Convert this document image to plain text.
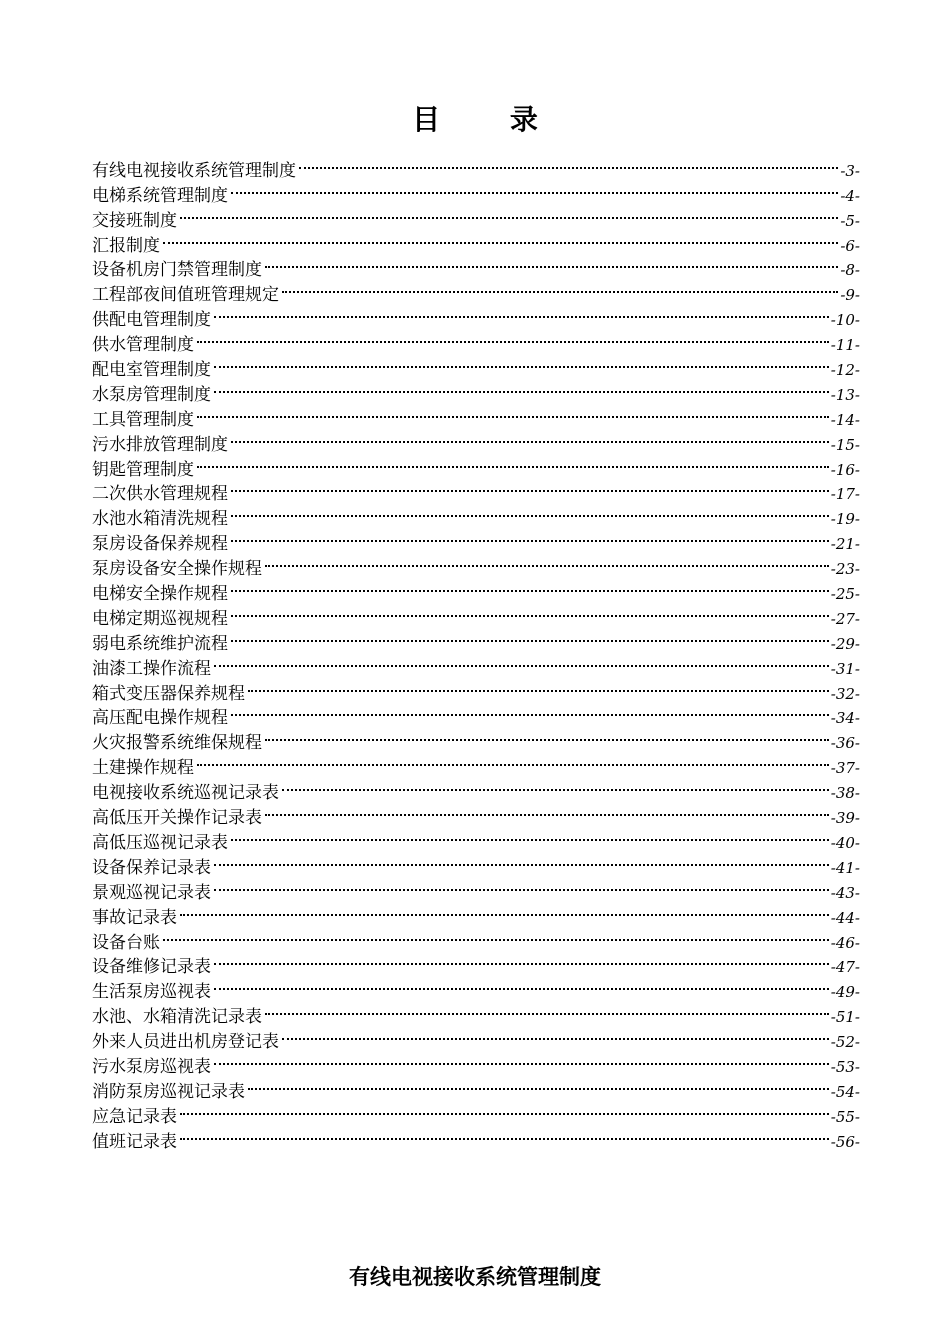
目 录
有线电视接收系统管理制度	-3-
电梯系统管理制度	-4-
交接班制度	-5-
汇报制度	-6-
设备机房门禁管理制度	-8-
工程部夜间值班管理规定	-9-
供配电管理制度	-10-
供水管理制度	-11-
配电室管理制度	-12-
水泵房管理制度	-13-
工具管理制度	-14-
污水排放管理制度	-15-
钥匙管理制度	-16-
二次供水管理规程	-17-
水池水箱清洗规程	-19-
泵房设备保养规程	-21-
泵房设备安全操作规程	-23-
电梯安全操作规程	-25-
电梯定期巡视规程	-27-
弱电系统维护流程	-29-
油漆工操作流程	-31-
箱式变压器保养规程	-32-
高压配电操作规程	-34-
火灾报警系统维保规程	-36-
土建操作规程	-37-
电视接收系统巡视记录表	-38-
高低压开关操作记录表	-39-
高低压巡视记录表	-40-
设备保养记录表	-41-
景观巡视记录表	-43-
事故记录表	-44-
设备台账	-46-
设备维修记录表	-47-
生活泵房巡视表	-49-
水池、水箱清洗记录表	-51-
外来人员进出机房登记表	-52-
污水泵房巡视表	-53-
消防泵房巡视记录表	-54-
应急记录表	-55-
值班记录表	-56-
有线电视接收系统管理制度
